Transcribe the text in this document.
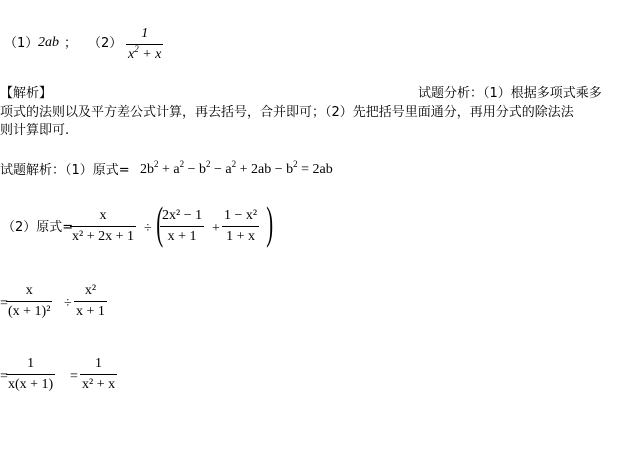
（1） 2ab ； （2）
1
$x^2 + x$
【解析】	试题分析：（1）根据多项式乘多
项式的法则以及平方差公式计算，再去括号，合并即可；（2）先把括号里面通分，再用分式的除法法
则计算即可.
试题解析：（1）原式= $2b^2 + a^2 - b^2 - a^2 + 2ab - b^2 = 2ab$
（2）原式=
x
x² + 2x + 1
÷ (
2x² − 1
x + 1
+
1 − x²
1 + x )
=
x
(x + 1)²
÷
x²
x + 1
=
1
x(x + 1)
=
1
x² + x
